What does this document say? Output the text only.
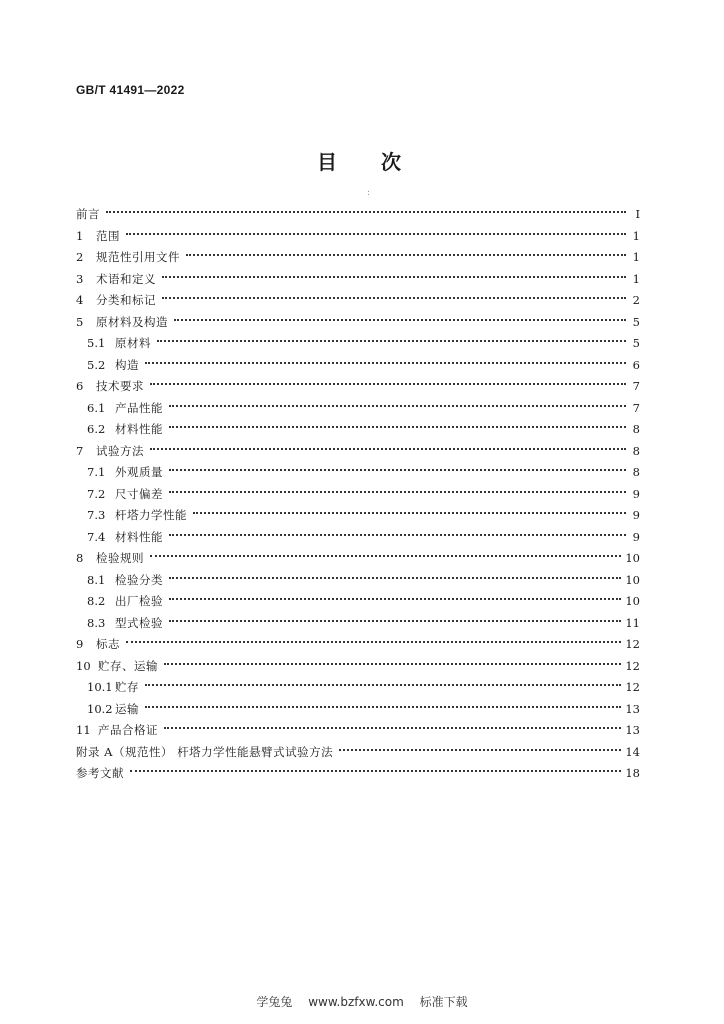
GB/T 41491—2022
目 次
:
前言	Ⅰ
1	范围	1
2	规范性引用文件	1
3	术语和定义	1
4	分类和标记	2
5	原材料及构造	5
5.1 原材料	5
5.2 构造	6
6	技术要求	7
6.1 产品性能	7
6.2 材料性能	8
7	试验方法	8
7.1 外观质量	8
7.2 尺寸偏差	9
7.3 杆塔力学性能	9
7.4 材料性能	9
8	检验规则	10
8.1 检验分类	10
8.2 出厂检验	10
8.3 型式检验	11
9	标志	12
10 贮存、运输	12
10.1 贮存	12
10.2 运输	13
11 产品合格证	13
附录 A（规范性） 杆塔力学性能悬臂式试验方法	14
参考文献	18
学兔兔 www.bzfxw.com 标准下载
